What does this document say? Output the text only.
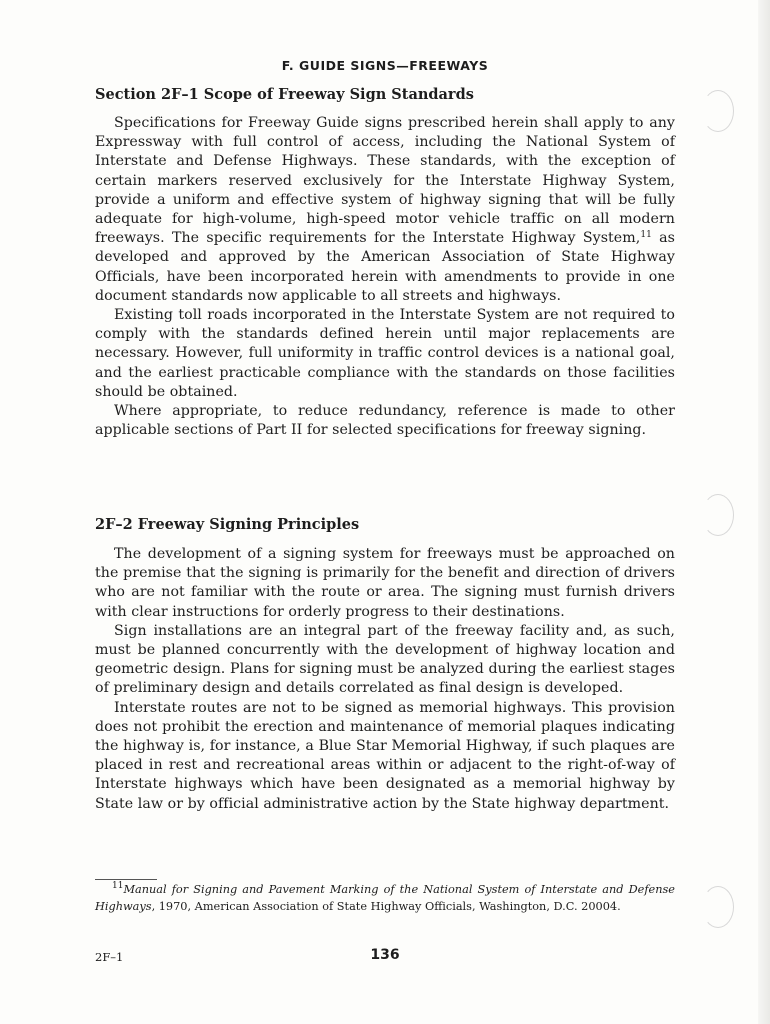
F. GUIDE SIGNS—FREEWAYS
Section 2F–1 Scope of Freeway Sign Standards

Specifications for Freeway Guide signs prescribed herein shall apply to any Expressway with full control of access, including the National System of Interstate and Defense Highways. These standards, with the exception of certain markers reserved exclusively for the Interstate Highway System, provide a uniform and effective system of highway signing that will be fully adequate for high-volume, high-speed motor vehicle traffic on all modern freeways. The specific requirements for the Interstate Highway System,$^{11}$ as developed and approved by the American Association of State Highway Officials, have been incorporated herein with amendments to provide in one document standards now applicable to all streets and highways.

Existing toll roads incorporated in the Interstate System are not required to comply with the standards defined herein until major replacements are necessary. However, full uniformity in traffic control devices is a national goal, and the earliest practicable compliance with the standards on those facilities should be obtained.

Where appropriate, to reduce redundancy, reference is made to other applicable sections of Part II for selected specifications for freeway signing.

2F–2 Freeway Signing Principles

The development of a signing system for freeways must be approached on the premise that the signing is primarily for the benefit and direction of drivers who are not familiar with the route or area. The signing must furnish drivers with clear instructions for orderly progress to their destinations.

Sign installations are an integral part of the freeway facility and, as such, must be planned concurrently with the development of highway location and geometric design. Plans for signing must be analyzed during the earliest stages of preliminary design and details correlated as final design is developed.

Interstate routes are not to be signed as memorial highways. This provision does not prohibit the erection and maintenance of memorial plaques indicating the highway is, for instance, a Blue Star Memorial Highway, if such plaques are placed in rest and recreational areas within or adjacent to the right-of-way of Interstate highways which have been designated as a memorial highway by State law or by official administrative action by the State highway department.

$^{11}$Manual for Signing and Pavement Marking of the National System of Interstate and Defense Highways, 1970, American Association of State Highway Officials, Washington, D.C. 20004.

2F–1	136
